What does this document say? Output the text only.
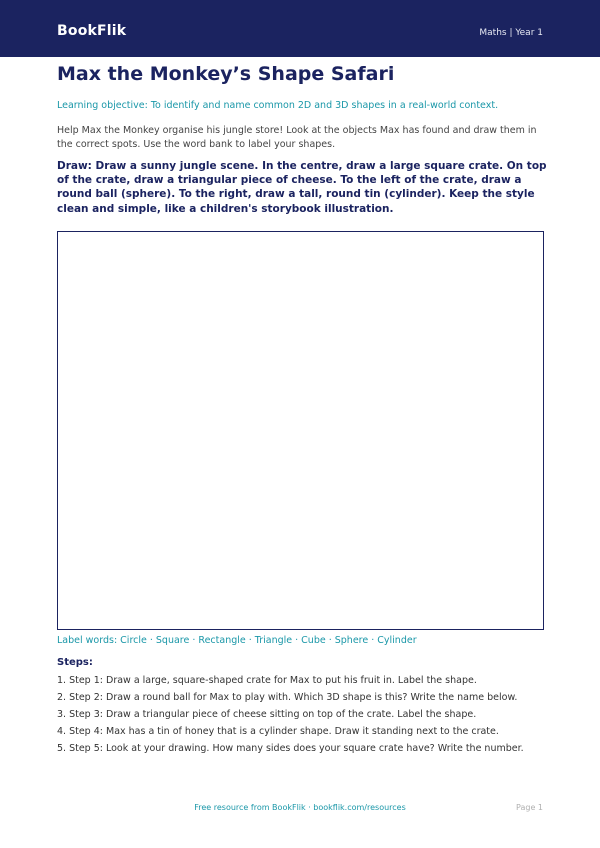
BookFlik	Maths | Year 1
Max the Monkey’s Shape Safari
Learning objective: To identify and name common 2D and 3D shapes in a real-world context.
Help Max the Monkey organise his jungle store! Look at the objects Max has found and draw them in the correct spots. Use the word bank to label your shapes.
Draw: Draw a sunny jungle scene. In the centre, draw a large square crate. On top of the crate, draw a triangular piece of cheese. To the left of the crate, draw a round ball (sphere). To the right, draw a tall, round tin (cylinder). Keep the style clean and simple, like a children's storybook illustration.
Label words: Circle · Square · Rectangle · Triangle · Cube · Sphere · Cylinder
Steps:
1. Step 1: Draw a large, square-shaped crate for Max to put his fruit in. Label the shape.
2. Step 2: Draw a round ball for Max to play with. Which 3D shape is this? Write the name below.
3. Step 3: Draw a triangular piece of cheese sitting on top of the crate. Label the shape.
4. Step 4: Max has a tin of honey that is a cylinder shape. Draw it standing next to the crate.
5. Step 5: Look at your drawing. How many sides does your square crate have? Write the number.
Free resource from BookFlik · bookflik.com/resources	Page 1
